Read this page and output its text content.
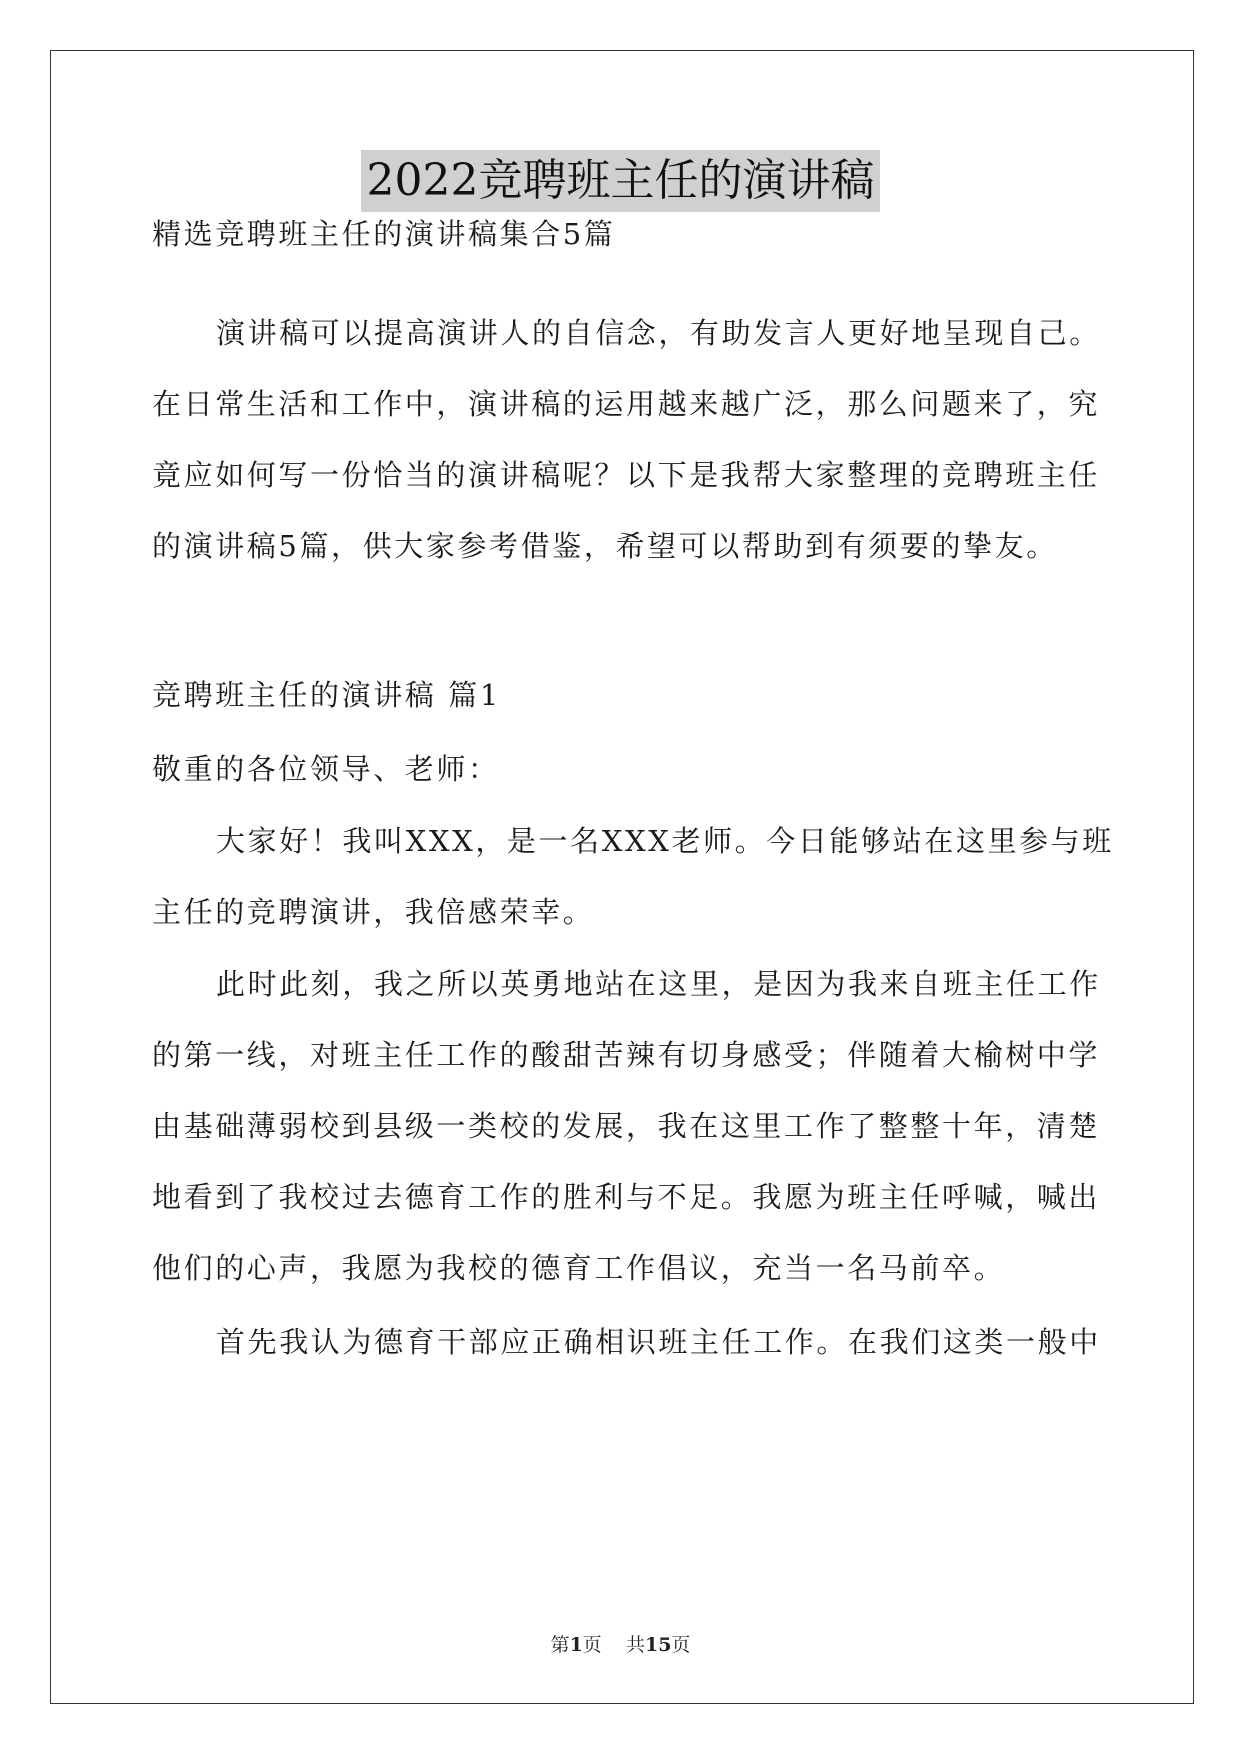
2022竞聘班主任的演讲稿
精选竞聘班主任的演讲稿集合5篇
演讲稿可以提高演讲人的自信念，有助发言人更好地呈现自己。
在日常生活和工作中，演讲稿的运用越来越广泛，那么问题来了，究
竟应如何写一份恰当的演讲稿呢？以下是我帮大家整理的竞聘班主任
的演讲稿5篇，供大家参考借鉴，希望可以帮助到有须要的挚友。
竞聘班主任的演讲稿 篇1
敬重的各位领导、老师：
大家好！我叫XXX，是一名XXX老师。今日能够站在这里参与班
主任的竞聘演讲，我倍感荣幸。
此时此刻，我之所以英勇地站在这里，是因为我来自班主任工作
的第一线，对班主任工作的酸甜苦辣有切身感受；伴随着大榆树中学
由基础薄弱校到县级一类校的发展，我在这里工作了整整十年，清楚
地看到了我校过去德育工作的胜利与不足。我愿为班主任呼喊，喊出
他们的心声，我愿为我校的德育工作倡议，充当一名马前卒。
首先我认为德育干部应正确相识班主任工作。在我们这类一般中
第1页    共15页
